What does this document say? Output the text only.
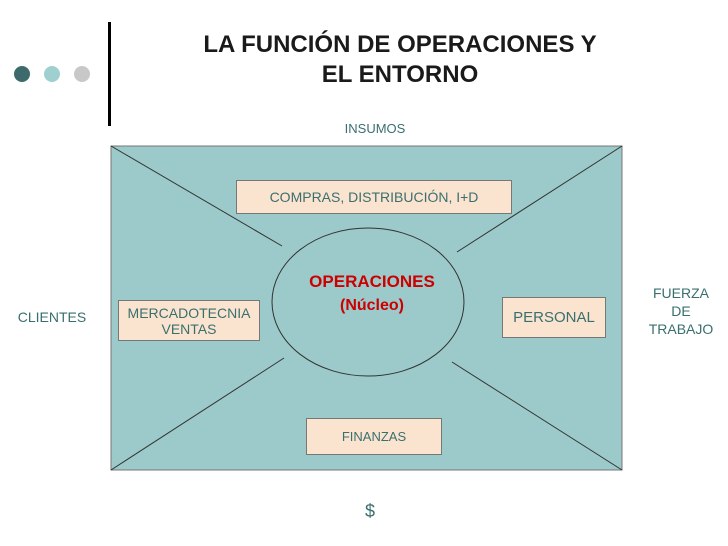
LA FUNCIÓN DE OPERACIONES Y
EL ENTORNO
COMPRAS, DISTRIBUCIÓN, I+D
MERCADOTECNIA
VENTAS
PERSONAL
FINANZAS
OPERACIONES
(Núcleo)
INSUMOS
CLIENTES
FUERZA
DE
TRABAJO
$
